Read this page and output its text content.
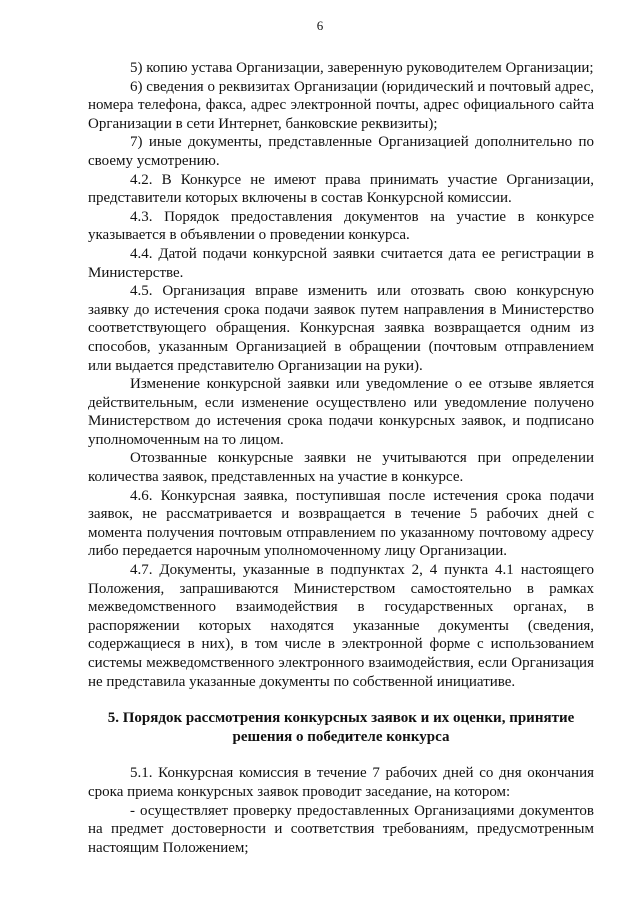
6

5) копию устава Организации, заверенную руководителем Организации;

6) сведения о реквизитах Организации (юридический и почтовый адрес, номера телефона, факса, адрес электронной почты, адрес официального сайта Организации в сети Интернет, банковские реквизиты);

7) иные документы, представленные Организацией дополнительно по своему усмотрению.

4.2. В Конкурсе не имеют права принимать участие Организации, представители которых включены в состав Конкурсной комиссии.

4.3. Порядок предоставления документов на участие в конкурсе указывается в объявлении о проведении конкурса.

4.4. Датой подачи конкурсной заявки считается дата ее регистрации в Министерстве.

4.5. Организация вправе изменить или отозвать свою конкурсную заявку до истечения срока подачи заявок путем направления в Министерство соответствующего обращения. Конкурсная заявка возвращается одним из способов, указанным Организацией в обращении (почтовым отправлением или выдается представителю Организации на руки).

Изменение конкурсной заявки или уведомление о ее отзыве является действительным, если изменение осуществлено или уведомление получено Министерством до истечения срока подачи конкурсных заявок, и подписано уполномоченным на то лицом.

Отозванные конкурсные заявки не учитываются при определении количества заявок, представленных на участие в конкурсе.

4.6. Конкурсная заявка, поступившая после истечения срока подачи заявок, не рассматривается и возвращается в течение 5 рабочих дней с момента получения почтовым отправлением по указанному почтовому адресу либо передается нарочным уполномоченному лицу Организации.

4.7. Документы, указанные в подпунктах 2, 4 пункта 4.1 настоящего Положения, запрашиваются Министерством самостоятельно в рамках межведомственного взаимодействия в государственных органах, в распоряжении которых находятся указанные документы (сведения, содержащиеся в них), в том числе в электронной форме с использованием системы межведомственного электронного взаимодействия, если Организация не представила указанные документы по собственной инициативе.

5. Порядок рассмотрения конкурсных заявок и их оценки, принятие
решения о победителе конкурса

5.1. Конкурсная комиссия в течение 7 рабочих дней со дня окончания срока приема конкурсных заявок проводит заседание, на котором:

- осуществляет проверку предоставленных Организациями документов на предмет достоверности и соответствия требованиям, предусмотренным настоящим Положением;
